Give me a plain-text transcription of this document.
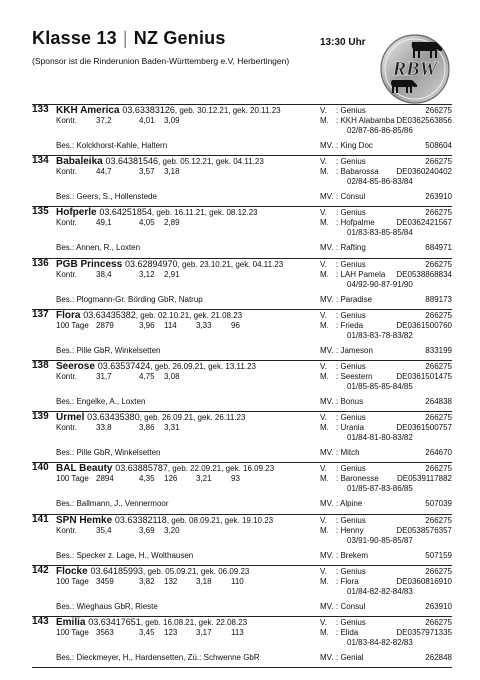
Klasse 13 | NZ Genius	13:30 Uhr
(Sponsor ist die Rinderunion Baden-Württemberg e.V, Herbertingen)	RBW
133 KKH America 03.63383126, geb. 30.12.21, gek. 20.11.23
Kontr. 37,2	4,01 3,09
Bes.: Kolckhorst-Kahle, Haltern
V. : Genius	266275
M. : KKH Alabamba DE0362563856
02/87-86-86-85/86
MV. : King Doc	508604
134 Babaleika 03.64381546, geb. 05.12.21, gek. 04.11.23
Kontr. 44,7	3,57 3,18
Bes.: Geers, S., Hollenstede
V. : Genius	266275
M. : Babarossa DE0360240402
02/84-85-86-83/84
MV. : Consul	263910
135 Hofperle 03.64251854, geb. 16.11.21, gek. 08.12.23
Kontr. 49,1	4,05 2,89
Bes.: Annen, R., Loxten
V. : Genius	266275
M. : Hofpalme	DE0362421567
01/83-83-85-85/84
MV. : Rafting	684971
136 PGB Princess 03.62894970, geb. 23.10.21, gek. 04.11.23
Kontr. 38,4	3,12 2,91
Bes.: Plogmann-Gr. Börding GbR, Natrup
V. : Genius	266275
M. : LAH Pamela DE0538868834
04/92-90-87-91/90
MV. : Paradise	889173
137 Flora 03.63435382, geb. 02.10.21, gek. 21.08.23
100 Tage 2879	3,96 114 3,33 96
Bes.: Pille GbR, Winkelsetten
V. : Genius	266275
M. : Frieda	DE0361500760
01/83-83-78-83/82
MV. : Jameson	833199
138 Seerose 03.63537424, geb. 26.09.21, gek. 13.11.23
Kontr. 31,7	4,75 3,08
Bes.: Engelke, A., Loxten
V. : Genius	266275
M. : Seestern	DE0361501475
01/85-85-85-84/85
MV. : Bonus	264838
139 Urmel 03.63435380, geb. 26.09.21, gek. 26.11.23
Kontr. 33,8	3,86 3,31
Bes.: Pille GbR, Winkelsetten
V. : Genius	266275
M. : Urania	DE0361500757
01/84-81-80-83/82
MV. : Mitch	264670
140 BAL Beauty 03.63885787, geb. 22.09.21, gek. 16.09.23
100 Tage 2894	4,35 126 3,21 93
Bes.: Ballmann, J., Vennermoor
V. : Genius	266275
M. : Baronesse DE0539117882
01/85-87-83-86/85
MV. : Alpine	507039
141 SPN Hemke 03.63382118, geb. 08.09.21, gek. 19.10.23
Kontr. 35,4	3,69 3,20
Bes.: Specker z. Lage, H., Wolthausen
V. : Genius	266275
M. : Henny	DE0538576357
03/91-90-85-85/87
MV. : Brekem	507159
142 Flocke 03.64185993, geb. 05.09.21, gek. 06.09.23
100 Tage 3459	3,82 132 3,18 110
Bes.: Wieghaus GbR, Rieste
V. : Genius	266275
M. : Flora	DE0360816910
01/84-82-82-84/83
MV. : Consul	263910
143 Emilia 03.63417651, geb. 16.08.21, gek. 22.08.23
100 Tage 3563	3,45 123 3,17 113
Bes.: Dieckmeyer, H., Hardensetten, Zü.: Schwenne GbR
V. : Genius	266275
M. : Elida	DE0357971335
01/83-84-82-82/83
MV. : Genial	262848
